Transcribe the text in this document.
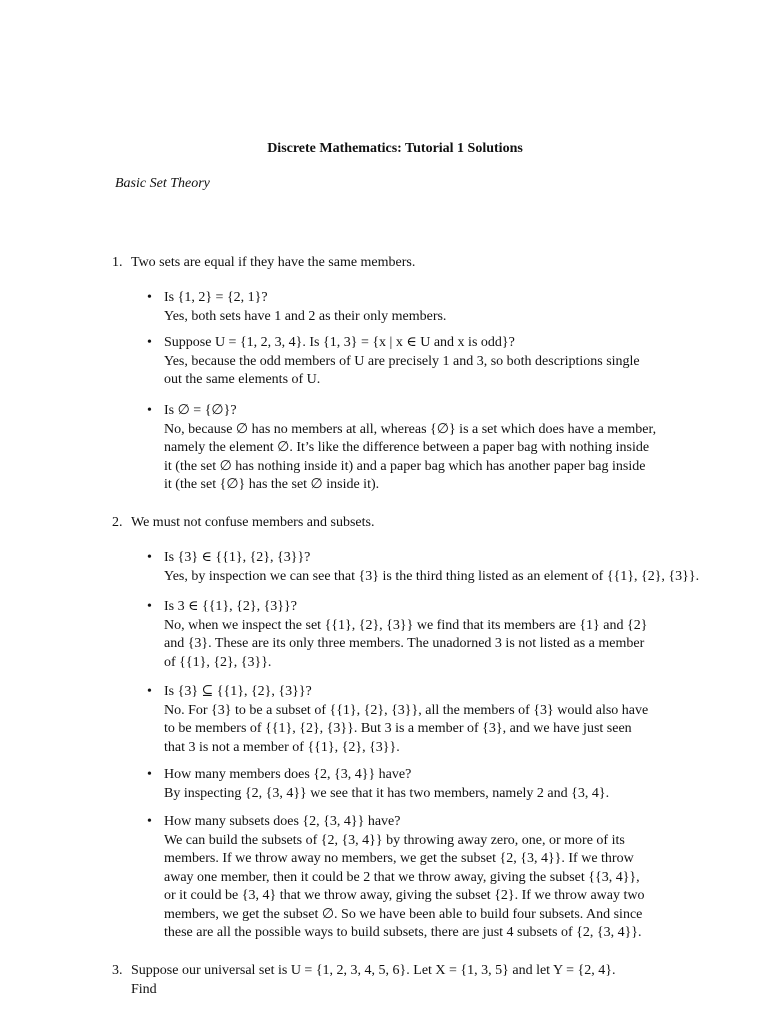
Discrete Mathematics: Tutorial 1 Solutions
Basic Set Theory
1. Two sets are equal if they have the same members.
• Is {1, 2} = {2, 1}?
Yes, both sets have 1 and 2 as their only members.
• Suppose U = {1, 2, 3, 4}. Is {1, 3} = {x | x ∈ U and x is odd}?
Yes, because the odd members of U are precisely 1 and 3, so both descriptions single
out the same elements of U.
• Is ∅ = {∅}?
No, because ∅ has no members at all, whereas {∅} is a set which does have a member,
namely the element ∅. It’s like the difference between a paper bag with nothing inside
it (the set ∅ has nothing inside it) and a paper bag which has another paper bag inside
it (the set {∅} has the set ∅ inside it).
2. We must not confuse members and subsets.
• Is {3} ∈ {{1}, {2}, {3}}?
Yes, by inspection we can see that {3} is the third thing listed as an element of {{1}, {2}, {3}}.
• Is 3 ∈ {{1}, {2}, {3}}?
No, when we inspect the set {{1}, {2}, {3}} we find that its members are {1} and {2}
and {3}. These are its only three members. The unadorned 3 is not listed as a member
of {{1}, {2}, {3}}.
• Is {3} ⊆ {{1}, {2}, {3}}?
No. For {3} to be a subset of {{1}, {2}, {3}}, all the members of {3} would also have
to be members of {{1}, {2}, {3}}. But 3 is a member of {3}, and we have just seen
that 3 is not a member of {{1}, {2}, {3}}.
• How many members does {2, {3, 4}} have?
By inspecting {2, {3, 4}} we see that it has two members, namely 2 and {3, 4}.
• How many subsets does {2, {3, 4}} have?
We can build the subsets of {2, {3, 4}} by throwing away zero, one, or more of its
members. If we throw away no members, we get the subset {2, {3, 4}}. If we throw
away one member, then it could be 2 that we throw away, giving the subset {{3, 4}},
or it could be {3, 4} that we throw away, giving the subset {2}. If we throw away two
members, we get the subset ∅. So we have been able to build four subsets. And since
these are all the possible ways to build subsets, there are just 4 subsets of {2, {3, 4}}.
3. Suppose our universal set is U = {1, 2, 3, 4, 5, 6}. Let X = {1, 3, 5} and let Y = {2, 4}.
Find
